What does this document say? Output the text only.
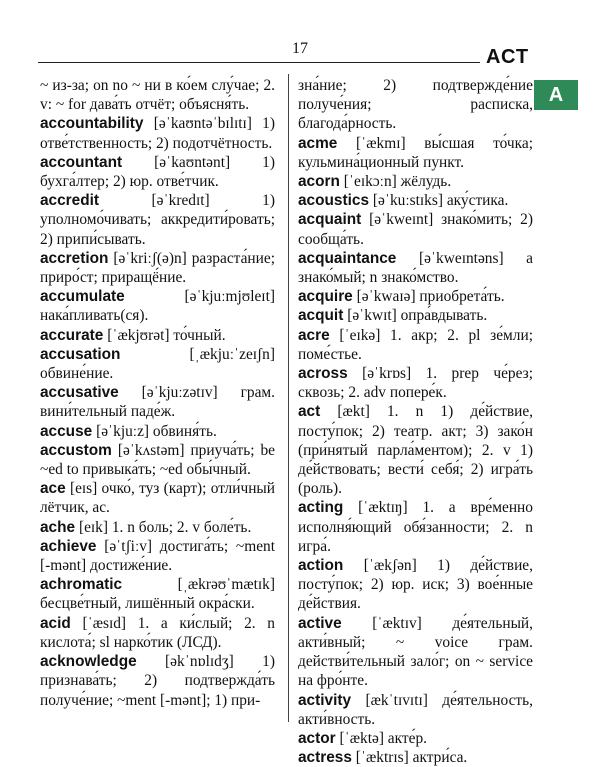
17	ACT
A

~ из-за; on no ~ ни в ко́ем слу́чае; 2. v: ~ for дава́ть отчёт; объясня́ть.

accountability [əˈkaʊntəˈbɪlɪtɪ] 1) отве́тственность; 2) подотчётность.

accountant [əˈkaʊntənt] 1) бухга́лтер; 2) юр. отве́тчик.

accredit	[əˈkredɪt] 1) уполномо́чивать; аккредити́ровать; 2) припи́сывать.

accretion [əˈkriːʃ(ə)n] разраста́ние; приро́ст; приращё́ние.

accumulate	[əˈkjuːmjʊleɪt] нака́пливать(ся).

accurate [ˈækjʊrət] то́чный.

accusation	[ˌækjuːˈzeɪʃn] обвине́ние.

accusative [əˈkjuːzətɪv] грам. вини́тельный паде́ж.

accuse [əˈkjuːz] обвиня́ть.

accustom [əˈkʌstəm] приуча́ть; be ~ed to привыка́ть; ~ed обы́чный.

ace [eɪs] очко́, туз (карт); отли́чный лётчик, ас.

ache [eɪk] 1. n боль; 2. v боле́ть.

achieve [əˈtʃiːv] достига́ть; ~ment [-mənt] достиже́ние.

achromatic	[ˌækrəʊˈmætɪk] бесцве́тный, лишённый окра́ски.

acid [ˈæsɪd] 1. a ки́слый; 2. n кислота́; sl нарко́тик (ЛСД).

acknowledge [əkˈnɒlɪdʒ] 1) признава́ть; 2) подтвержда́ть получе́ние; ~ment [-mənt]; 1) при-

зна́ние; 2) подтвержде́ние получе́ния; расписка, благода́рность.

acme [ˈækmɪ] вы́сшая то́чка; кульмина́ционный пункт.

acorn [ˈeɪkɔːn] жёлудь.

acoustics [əˈkuːstɪks] аку́стика.

acquaint [əˈkweɪnt] знако́мить; 2) сообща́ть.

acquaintance [əˈkweɪntəns] a знако́мый; n знако́мство.

acquire [əˈkwaɪə] приобрета́ть.

acquit [əˈkwɪt] опра́вдывать.

acre [ˈeɪkə] 1. акр; 2. pl зе́мли; поме́стье.

across [əˈkrɒs] 1. prep че́рез; сквозь; 2. adv попере́к.

act [ækt] 1. n 1) де́йствие, посту́пок; 2) театр. акт; 3) зако́н (при́нятый парла́ментом); 2. v 1) де́йствовать; вести́ себя́; 2) игра́ть (роль).

acting [ˈæktɪŋ] 1. a вре́менно исполня́ющий обя́занности; 2. n игра́.

action [ˈækʃən] 1) де́йствие, посту́пок; 2) юр. иск; 3) вое́нные де́йствия.

active [ˈæktɪv] де́ятельный, акти́вный; ~ voice грам. действи́тельный зало́г; on ~ service на фро́нте.

activity [ækˈtɪvɪtɪ] де́ятельность, акти́вность.

actor [ˈæktə] акте́р.

actress [ˈæktrɪs] актри́са.
